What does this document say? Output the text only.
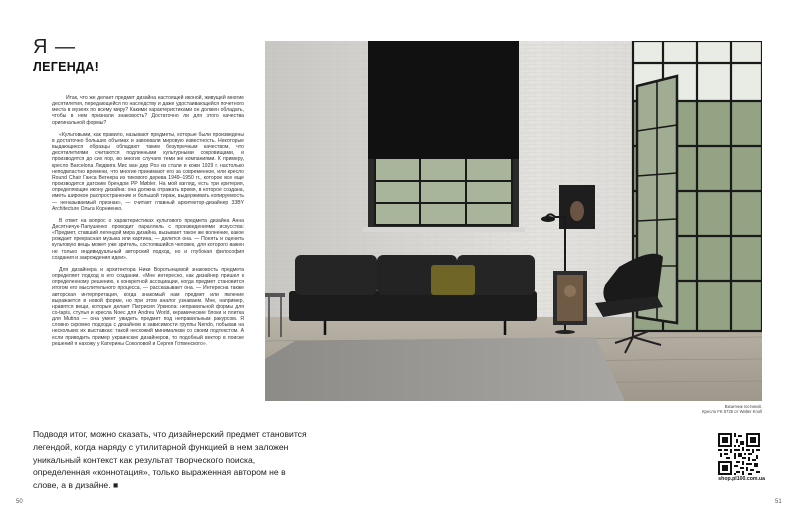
Я —
ЛЕГЕНДА!

Итак, что же делает предмет дизайна настоящей иконой, живущей многие десятилетия, передающейся по наследству и даже удостаивающейся почетного места в музеях по всему миру? Какими характеристиками он должен обладать, чтобы в нем признали знаковость? Достаточно ли для этого качества оригинальной формы?

«Культовыми, как правило, называют предметы, которые были произведены в достаточно больших объемах и завоевали мировую известность. Некоторые выдающиеся образцы обладают таким безупречным качеством, что десятилетиями считаются подлинными культурными сокровищами, и производятся до сих пор, во многих случаях теми же компаниями. К примеру, кресло Barcelona Людвига Мис ван дер Роэ из стали и кожи 1929 г. настолько неподвластно времени, что многие принимают его за современное, или кресло Round Chair Ганса Вегнера из тикового дерева 1949–1950 гг., которое все еще производится датским брендом PP Møbler. На мой взгляд, есть три критерия, определяющие икону дизайна: она должна отражать время, в которое создана, иметь широкое распространение и большой тираж, выдерживать копируемость — неназываемый признак», — считает главный архитектор-дизайнер 33BY Architecture Ольга Корниенко.

В ответ на вопрос о характеристиках культового предмета дизайна Анна Десятничук-Папушенко проводит параллель с произведениями искусства: «Предмет, ставший легендой мира дизайна, вызывает такое же волнение, какое рождает прекрасная музыка или картина, — делится она. — Понять и оценить культовую вещь может уже зритель, состоявшийся человек, для которого важен не только индивидуальный авторский подход, но и глубокая философия создания и закрождения идеи».

Для дизайнера и архитектора Ники Воротынцевой знаковость предмета определяет подход в его создании. «Мне интересно, как дизайнер пришел к определенному решению, к конкретной ассоциации, когда предмет становится итогом его мыслительного процесса, — рассказывает она. — Интересна также авторская интерпретация, когда знакомый нам предмет или явление выражается в новой форме, но при этом аналог узнаваем. Мне, например, нравятся вещи, которые делает Патрисия Уркиола: неправильной формы для со-tapis, стулья и кресла Noec для Andreu World, керамические блоки и плитка для Mutina — она умеет увидеть предмет под неправильным ракурсом. Я словно скромно подхода с дизайном в зависимости группы Nendo, побывав на нескольких их выставках: такой несхожий минимализм со своим подтекстом. А если приводить пример украинских дизайнеров, то подобный вектор в поиске решений я нахожу у Катерины Соколовой и Сергея Готвенского».

Подводя итог, можно сказать, что дизайнерский предмет становится легендой, когда наряду с утилитарной функцией в нем заложен уникальный контекст как результат творческого поиска, определенная «коннотация», только выраженная автором не в слове, а в дизайне. ■
50	51
Визитник гостиной.
Кресло FK 6725 от Walter Knoll
shop.pl100.com.ua
